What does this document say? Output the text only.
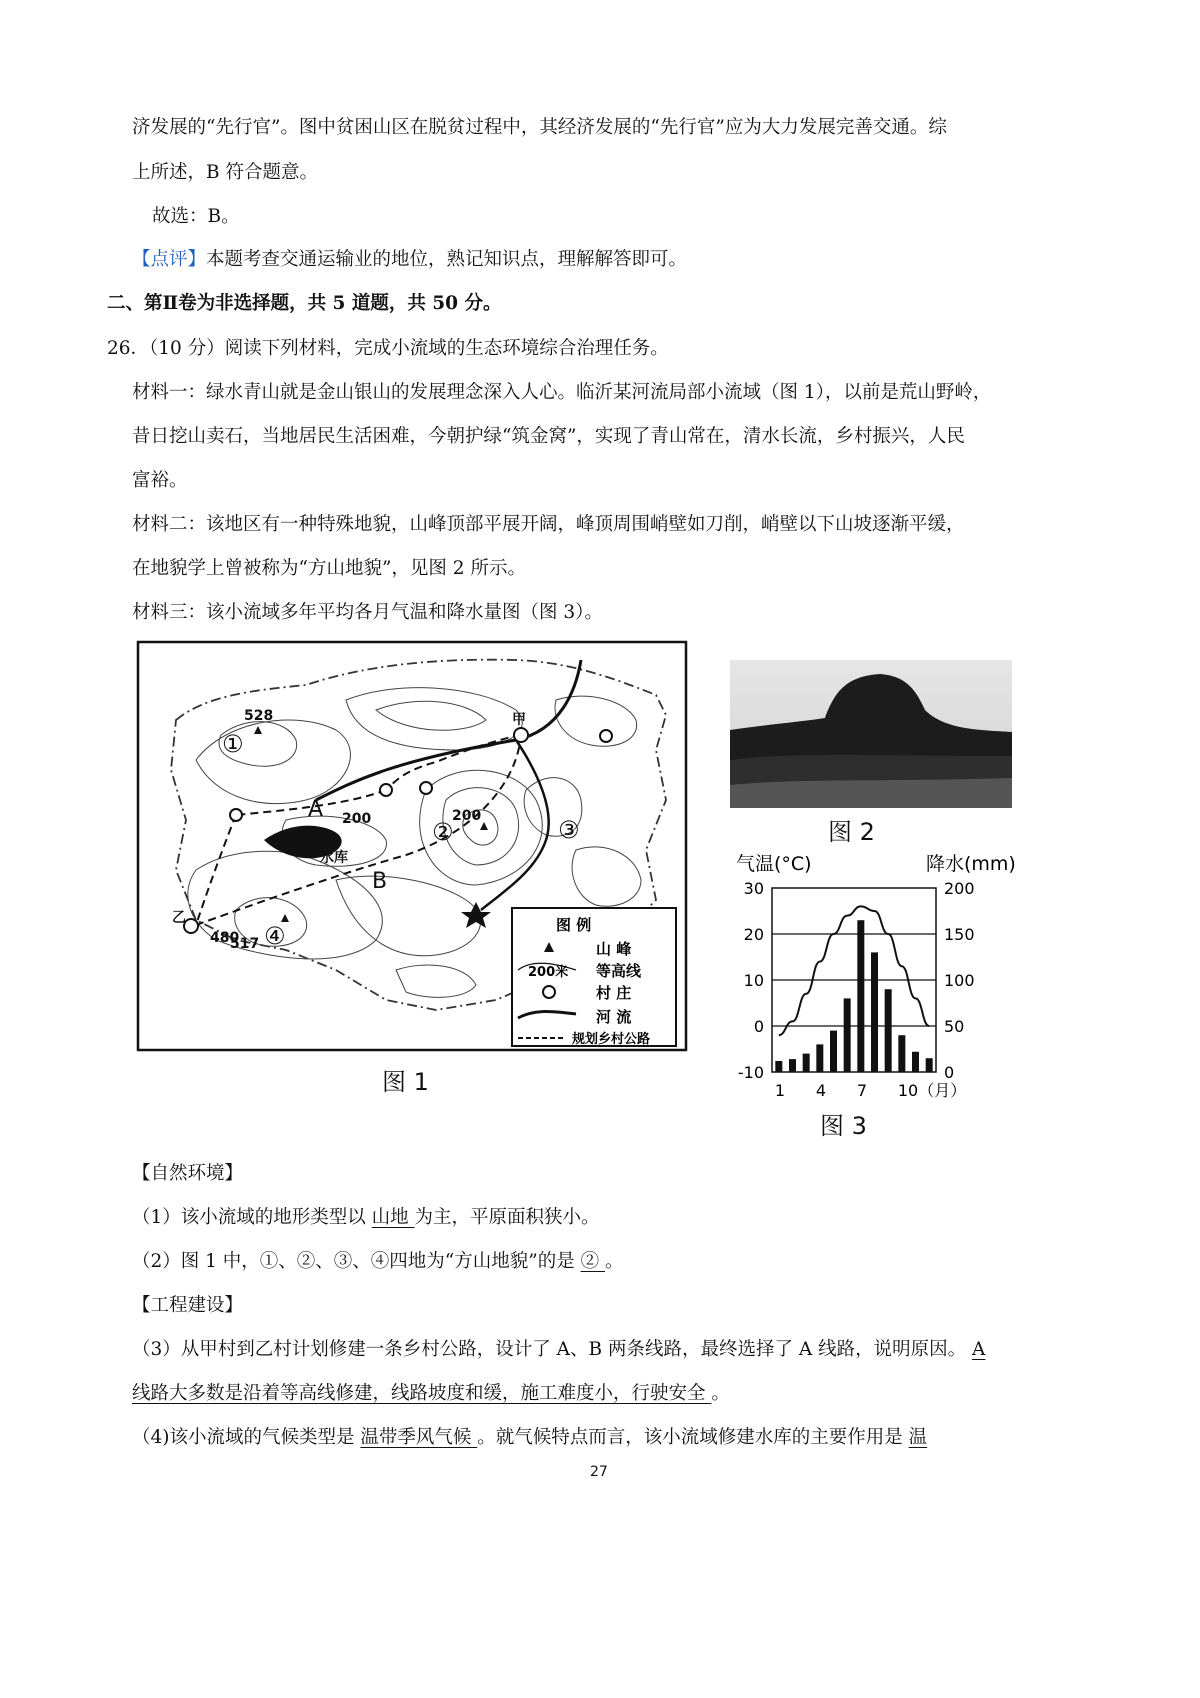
济发展的“先行官”。图中贫困山区在脱贫过程中，其经济发展的“先行官”应为大力发展完善交通。综
上所述，B 符合题意。
故选：B。
【点评】本题考查交通运输业的地位，熟记知识点，理解解答即可。
二、第Ⅱ卷为非选择题，共 5 道题，共 50 分。
26．（10 分）阅读下列材料，完成小流域的生态环境综合治理任务。
材料一：绿水青山就是金山银山的发展理念深入人心。临沂某河流局部小流域（图 1），以前是荒山野岭，
昔日挖山卖石，当地居民生活困难，今朝护绿“筑金窝”，实现了青山常在，清水长流，乡村振兴，人民
富裕。
材料二：该地区有一种特殊地貌，山峰顶部平展开阔，峰顶周围峭壁如刀削，峭壁以下山坡逐渐平缓，
在地貌学上曾被称为“方山地貌”，见图 2 所示。
材料三：该小流域多年平均各月气温和降水量图（图 3）。
①
②	③
④
528
200	200
480
517
甲
乙
水库
A
B
图 例
山 峰
200米 等高线
村 庄
河 流
规划乡村公路
图 1
图 2
气温(°C)	降水(mm)
30
20
10
0
-10
200
150
100
50
0
1 4 7 10（月）
图 3
【自然环境】
（1）该小流域的地形类型以 山地 为主，平原面积狭小。
（2）图 1 中，①、②、③、④四地为“方山地貌”的是 ② 。
【工程建设】
（3）从甲村到乙村计划修建一条乡村公路，设计了 A、B 两条线路，最终选择了 A 线路，说明原因。 A
线路大多数是沿着等高线修建，线路坡度和缓，施工难度小，行驶安全 。
（4)该小流域的气候类型是 温带季风气候 。就气候特点而言，该小流域修建水库的主要作用是 温
27
